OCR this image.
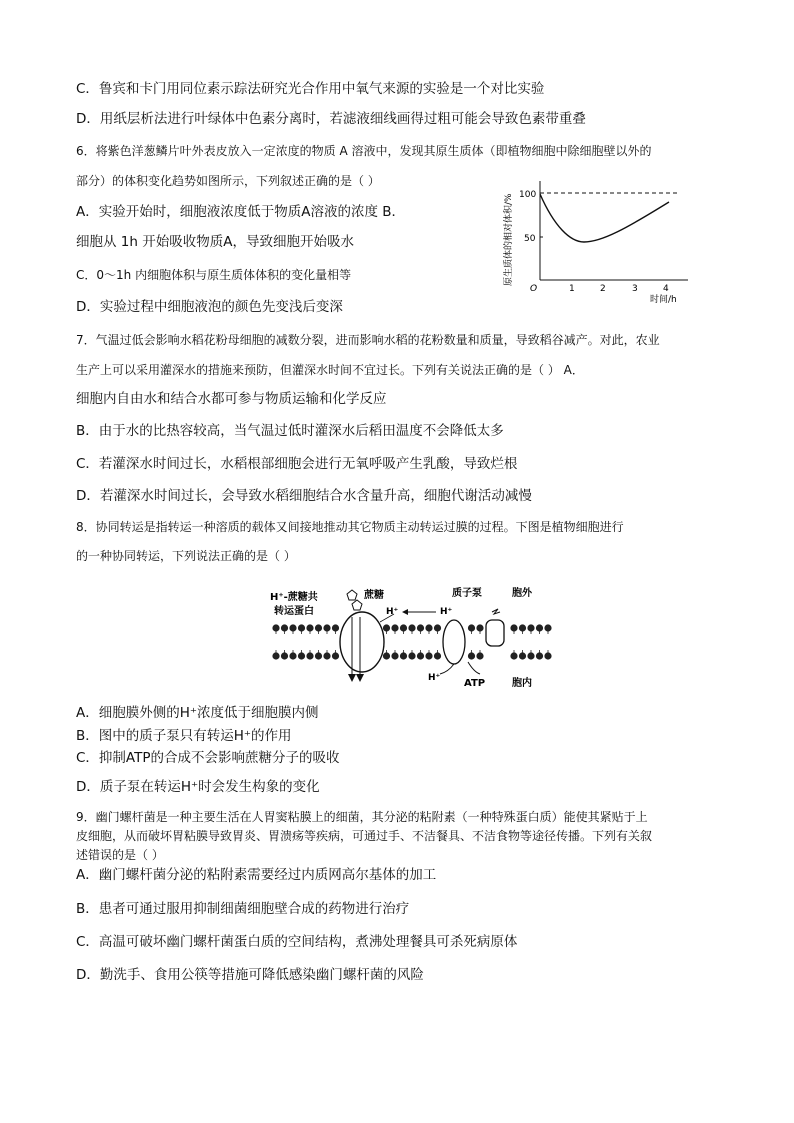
C．鲁宾和卡门用同位素示踪法研究光合作用中氧气来源的实验是一个对比实验
D．用纸层析法进行叶绿体中色素分离时，若滤液细线画得过粗可能会导致色素带重叠
6．将紫色洋葱鳞片叶外表皮放入一定浓度的物质 A 溶液中，发现其原生质体（即植物细胞中除细胞壁以外的
部分）的体积变化趋势如图所示，下列叙述正确的是（ ）
A．实验开始时，细胞液浓度低于物质A溶液的浓度 B．
细胞从 1h 开始吸收物质A，导致细胞开始吸水
C．0～1h 内细胞体积与原生质体体积的变化量相等
D．实验过程中细胞液泡的颜色先变浅后变深
原生质体的相对体积/% 100
50
O	1	2	3	4
时间/h
7．气温过低会影响水稻花粉母细胞的减数分裂，进而影响水稻的花粉数量和质量，导致稻谷减产。对此，农业
生产上可以采用灌深水的措施来预防，但灌深水时间不宜过长。下列有关说法正确的是（ ） A．
细胞内自由水和结合水都可参与物质运输和化学反应
B．由于水的比热容较高，当气温过低时灌深水后稻田温度不会降低太多
C．若灌深水时间过长，水稻根部细胞会进行无氧呼吸产生乳酸，导致烂根
D．若灌深水时间过长，会导致水稻细胞结合水含量升高，细胞代谢活动减慢
8．协同转运是指转运一种溶质的载体又间接地推动其它物质主动转运过膜的过程。下图是植物细胞进行
的一种协同转运，下列说法正确的是（ ）
H⁺-蔗糖共
转运蛋白
蔗糖
H⁺	H⁺
H⁺
质子泵	胞外
ATP	胞内
A．细胞膜外侧的H⁺浓度低于细胞膜内侧
B．图中的质子泵只有转运H⁺的作用
C．抑制ATP的合成不会影响蔗糖分子的吸收
D．质子泵在转运H⁺时会发生构象的变化
9．幽门螺杆菌是一种主要生活在人胃窦粘膜上的细菌，其分泌的粘附素（一种特殊蛋白质）能使其紧贴于上
皮细胞，从而破坏胃粘膜导致胃炎、胃溃疡等疾病，可通过手、不洁餐具、不洁食物等途径传播。下列有关叙
述错误的是（ ）
A．幽门螺杆菌分泌的粘附素需要经过内质网高尔基体的加工
B．患者可通过服用抑制细菌细胞壁合成的药物进行治疗
C．高温可破坏幽门螺杆菌蛋白质的空间结构，煮沸处理餐具可杀死病原体
D．勤洗手、食用公筷等措施可降低感染幽门螺杆菌的风险
